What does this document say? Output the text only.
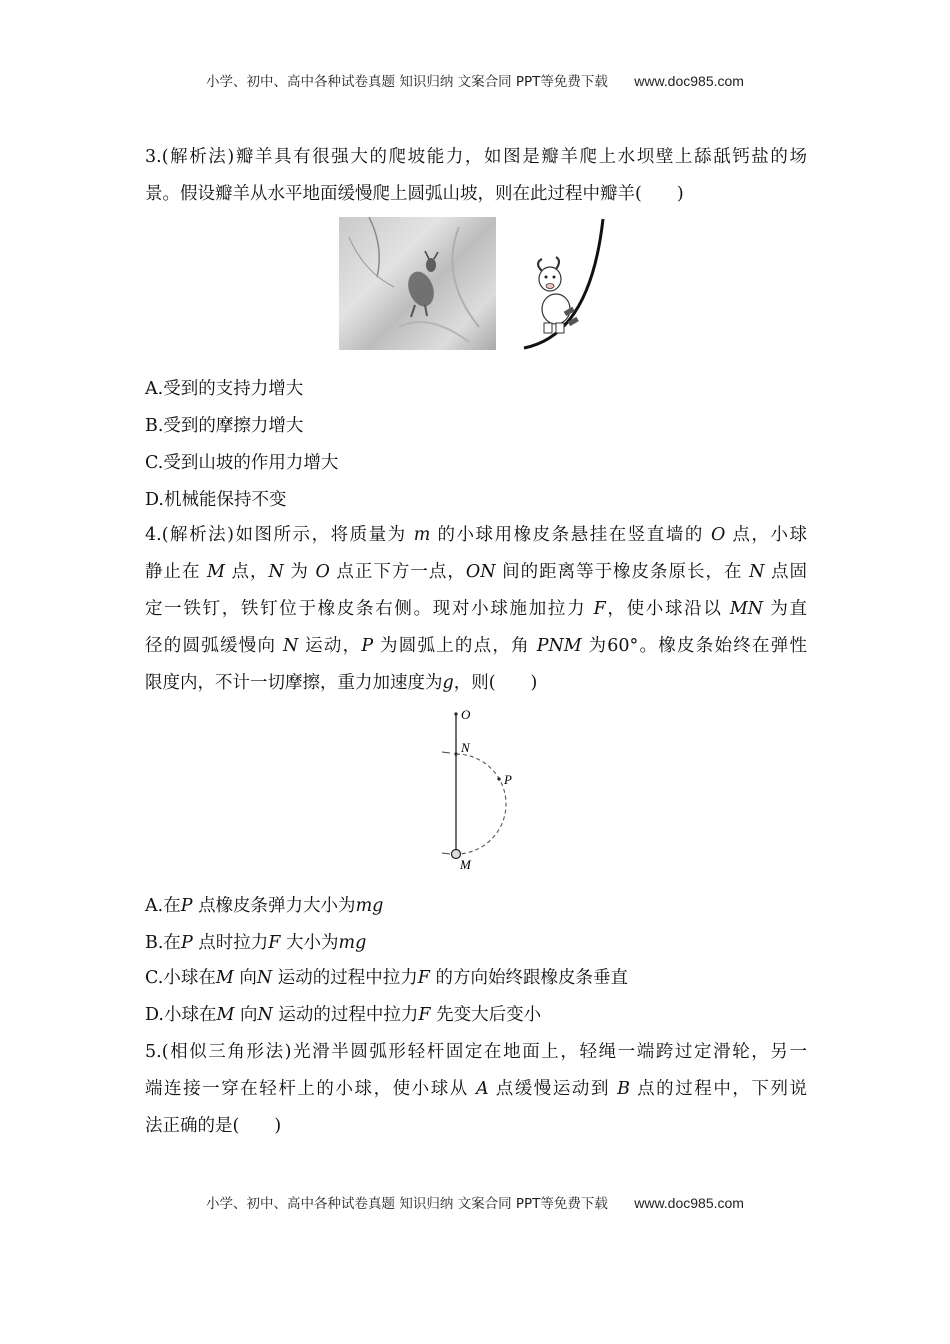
小学、初中、高中各种试卷真题 知识归纳 文案合同 PPT等免费下载 www.doc985.com
3.(解析法)瓣羊具有很强大的爬坡能力，如图是瓣羊爬上水坝壁上舔舐钙盐的场
景。假设瓣羊从水平地面缓慢爬上圆弧山坡，则在此过程中瓣羊(　　)
A.受到的支持力增大
B.受到的摩擦力增大
C.受到山坡的作用力增大
D.机械能保持不变
4.(解析法)如图所示，将质量为 m 的小球用橡皮条悬挂在竖直墙的 O 点，小球
静止在 M 点，N 为 O 点正下方一点，ON 间的距离等于橡皮条原长，在 N 点固
定一铁钉，铁钉位于橡皮条右侧。现对小球施加拉力 F，使小球沿以 MN 为直
径的圆弧缓慢向 N 运动，P 为圆弧上的点，角 PNM 为60°。橡皮条始终在弹性
限度内，不计一切摩擦，重力加速度为g，则(　　)
O
N
P
M
A.在P 点橡皮条弹力大小为mg
B.在P 点时拉力F 大小为mg
C.小球在M 向N 运动的过程中拉力F 的方向始终跟橡皮条垂直
D.小球在M 向N 运动的过程中拉力F 先变大后变小
5.(相似三角形法)光滑半圆弧形轻杆固定在地面上，轻绳一端跨过定滑轮，另一
端连接一穿在轻杆上的小球，使小球从 A 点缓慢运动到 B 点的过程中，下列说
法正确的是(　　)
小学、初中、高中各种试卷真题 知识归纳 文案合同 PPT等免费下载 www.doc985.com
